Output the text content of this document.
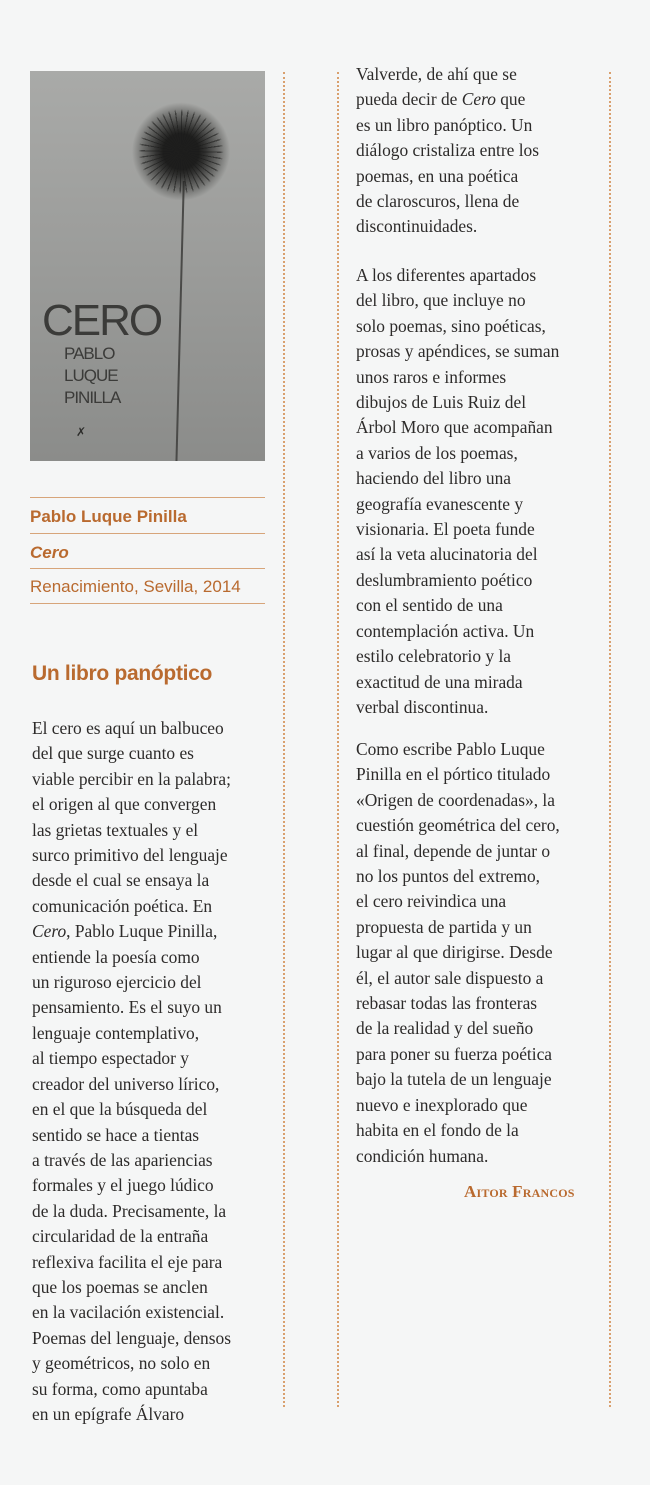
CERO
PABLO
LUQUE
PINILLA
✗
Pablo Luque Pinilla
Cero
Renacimiento, Sevilla, 2014
Un libro panóptico
El cero es aquí un balbuceo
del que surge cuanto es
viable percibir en la palabra;
el origen al que convergen
las grietas textuales y el
surco primitivo del lenguaje
desde el cual se ensaya la
comunicación poética. En
Cero, Pablo Luque Pinilla,
entiende la poesía como
un riguroso ejercicio del
pensamiento. Es el suyo un
lenguaje contemplativo,
al tiempo espectador y
creador del universo lírico,
en el que la búsqueda del
sentido se hace a tientas
a través de las apariencias
formales y el juego lúdico
de la duda. Precisamente, la
circularidad de la entraña
reflexiva facilita el eje para
que los poemas se anclen
en la vacilación existencial.
Poemas del lenguaje, densos
y geométricos, no solo en
su forma, como apuntaba
en un epígrafe Álvaro
Valverde, de ahí que se
pueda decir de Cero que
es un libro panóptico. Un
diálogo cristaliza entre los
poemas, en una poética
de claroscuros, llena de
discontinuidades.
A los diferentes apartados
del libro, que incluye no
solo poemas, sino poéticas,
prosas y apéndices, se suman
unos raros e informes
dibujos de Luis Ruiz del
Árbol Moro que acompañan
a varios de los poemas,
haciendo del libro una
geografía evanescente y
visionaria. El poeta funde
así la veta alucinatoria del
deslumbramiento poético
con el sentido de una
contemplación activa. Un
estilo celebratorio y la
exactitud de una mirada
verbal discontinua.
Como escribe Pablo Luque
Pinilla en el pórtico titulado
«Origen de coordenadas», la
cuestión geométrica del cero,
al final, depende de juntar o
no los puntos del extremo,
el cero reivindica una
propuesta de partida y un
lugar al que dirigirse. Desde
él, el autor sale dispuesto a
rebasar todas las fronteras
de la realidad y del sueño
para poner su fuerza poética
bajo la tutela de un lenguaje
nuevo e inexplorado que
habita en el fondo de la
condición humana.
Aitor Francos
